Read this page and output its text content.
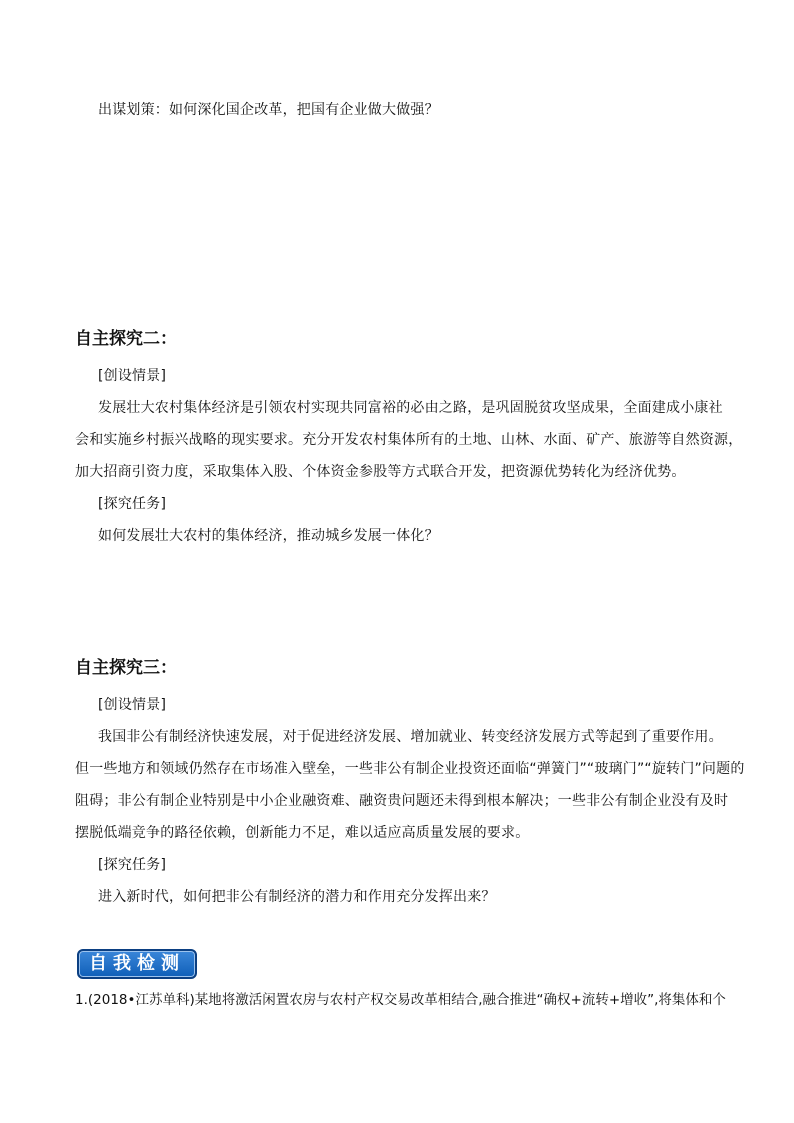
出谋划策：如何深化国企改革，把国有企业做大做强？
自主探究二：
[创设情景]
发展壮大农村集体经济是引领农村实现共同富裕的必由之路，是巩固脱贫攻坚成果，全面建成小康社
会和实施乡村振兴战略的现实要求。充分开发农村集体所有的土地、山林、水面、矿产、旅游等自然资源，
加大招商引资力度，采取集体入股、个体资金参股等方式联合开发，把资源优势转化为经济优势。
[探究任务]
如何发展壮大农村的集体经济，推动城乡发展一体化？
自主探究三：
[创设情景]
我国非公有制经济快速发展，对于促进经济发展、增加就业、转变经济发展方式等起到了重要作用。
但一些地方和领域仍然存在市场准入壁垒，一些非公有制企业投资还面临“弹簧门”“玻璃门”“旋转门”问题的
阻碍；非公有制企业特别是中小企业融资难、融资贵问题还未得到根本解决；一些非公有制企业没有及时
摆脱低端竞争的路径依赖，创新能力不足，难以适应高质量发展的要求。
[探究任务]
进入新时代，如何把非公有制经济的潜力和作用充分发挥出来？
自我检测
1.(2018•江苏单科)某地将激活闲置农房与农村产权交易改革相结合,融合推进“确权+流转+增收”,将集体和个
